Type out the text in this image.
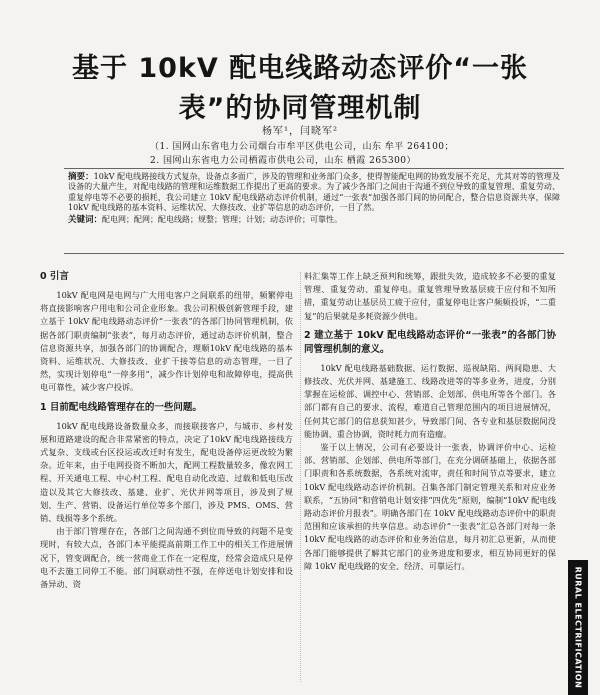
基于 10kV 配电线路动态评价“一张
表”的协同管理机制
杨军¹，闫晓军²
（1. 国网山东省电力公司烟台市牟平区供电公司，山东 牟平 264100；
2. 国网山东省电力公司栖霞市供电公司，山东 栖霞 265300）
摘要：10kV 配电线路接线方式复杂，设备点多面广，涉及的管理和业务部门众多，使得智能配电网的协致发展不充足，尤其对等的管理及设备的大量产生，对配电线路的管理和运维数据工作提出了更高的要求。为了减少各部门之间由于沟通不到位导致的重复管理、重复劳动、重复停电等不必要的损耗，我公司建立 10kV 配电线路动态评价机制，通过“一张表”加强各部门间的协同配合，整合信息资源共享，保障 10kV 配电线路的基本资料、运维状况、大修技改、业扩等信息的动态评价，一目了然。
关键词：配电网；配网；配电线路；规整；管理；计划；动态评价；可靠性。
0 引言

10kV 配电网是电网与广大用电客户之间联系的纽带，频繁停电将直接影响客户用电和公司企业形象。我公司积极创新管理手段，建立基于 10kV 配电线路动态评价“一张表”的各部门协同管理机制，依据各部门职责编制“张表”，每月动态评价，通过动态评价机制，整合信息资源共享，加强各部门的协调配合，理顺10kV 配电线路的基本资料、运维状况、大修技改、业扩干接等信息的动态管理，一目了然，实现计划停电“一停多用”，减少作计划停电和故障停电，提高供电可靠性，减少客户投诉。

1 目前配电线路管理存在的一些问题。

10kV 配电线路设备数量众多，而接联接客户，与城市、乡村发展和道路建设的配合非常紧密的特点，决定了10kV 配电线路接线方式复杂、支线或台区投运或改迁时有发生，配电设备停运更改较为繁杂。近年来，由于电网投资不断加大，配网工程数量较多，像农网工程、开关通电工程、中心村工程、配电自动化改造、过载和低电压改造以及其它大修技改、基建、业扩、光伏并网等项目，涉及到了规划、生产、营销、设备运行单位等多个部门，涉及 PMS、OMS、营销、线损等多个系统。

由于部门管理存在，各部门之间沟通不到位而导致的问题不是变现时，有较大点，各部门本平能提高前期工作工中的相关工作进展情况下，管变调配合，统一营商业工作在一定程度，经常会造成只是停电不去施工同停工不能。部门间联动性不强，在停送电计划安排和设备异动、资

料汇集等工作上缺乏预判和统筹，跟批失效，造成较多不必要的重复管理、重复劳动、重复停电。重复管理导致基层疲于应付和不知所措，重复劳动让基层员工疲于应付，重复停电让客户频频投诉，“二重复”的后果就是多耗资源少供电。

2 建立基于 10kV 配电线路动态评价“一张表”的各部门协同管理机制的意义。

10kV 配电线路基础数据、运行数据、巡视缺陷、两间隐患、大修技改、光伏并网、基建施工、线路改进等的等多业务，进度，分别掌握在运检部、调控中心、营销部、企划部、供电所等各个部门。各部门都有自己的要求、流程，难道自己管理范围内的项目进展情况，任何其它部门的信息获知甚少，导致部门间、各专业和基层数据间没能协调、重合协调，资时耗力而有造瘤。

鉴于以上情况，公司有必要设计一张表，协调评价中心、运检部、营销部、企划部、供电所等部门，在充分调研基础上，依据各部门职责和各系统数据，各系统对流审，责任和时间节点等要求，建立 10kV 配电线路动态评价机制。召集各部门制定管理关系和对应业务联系，“五协同”和营销电计划安排“四优先”原则，编制“10kV 配电线路动态评价月报表”。明确各部门在 10kV 配电线路动态评价中的职责范围和应该承担的共享信息。动态评价“一张表”汇总各部门对每一条 10kV 配电线路的动态评价和业务治信息，每月初汇总更新，从而使各部门能够提供了解其它部门的业务进度和要求，相互协同更好的保障 10kV 配电线路的安全、经济、可靠运行。

RURAL ELECTRIFICATION
